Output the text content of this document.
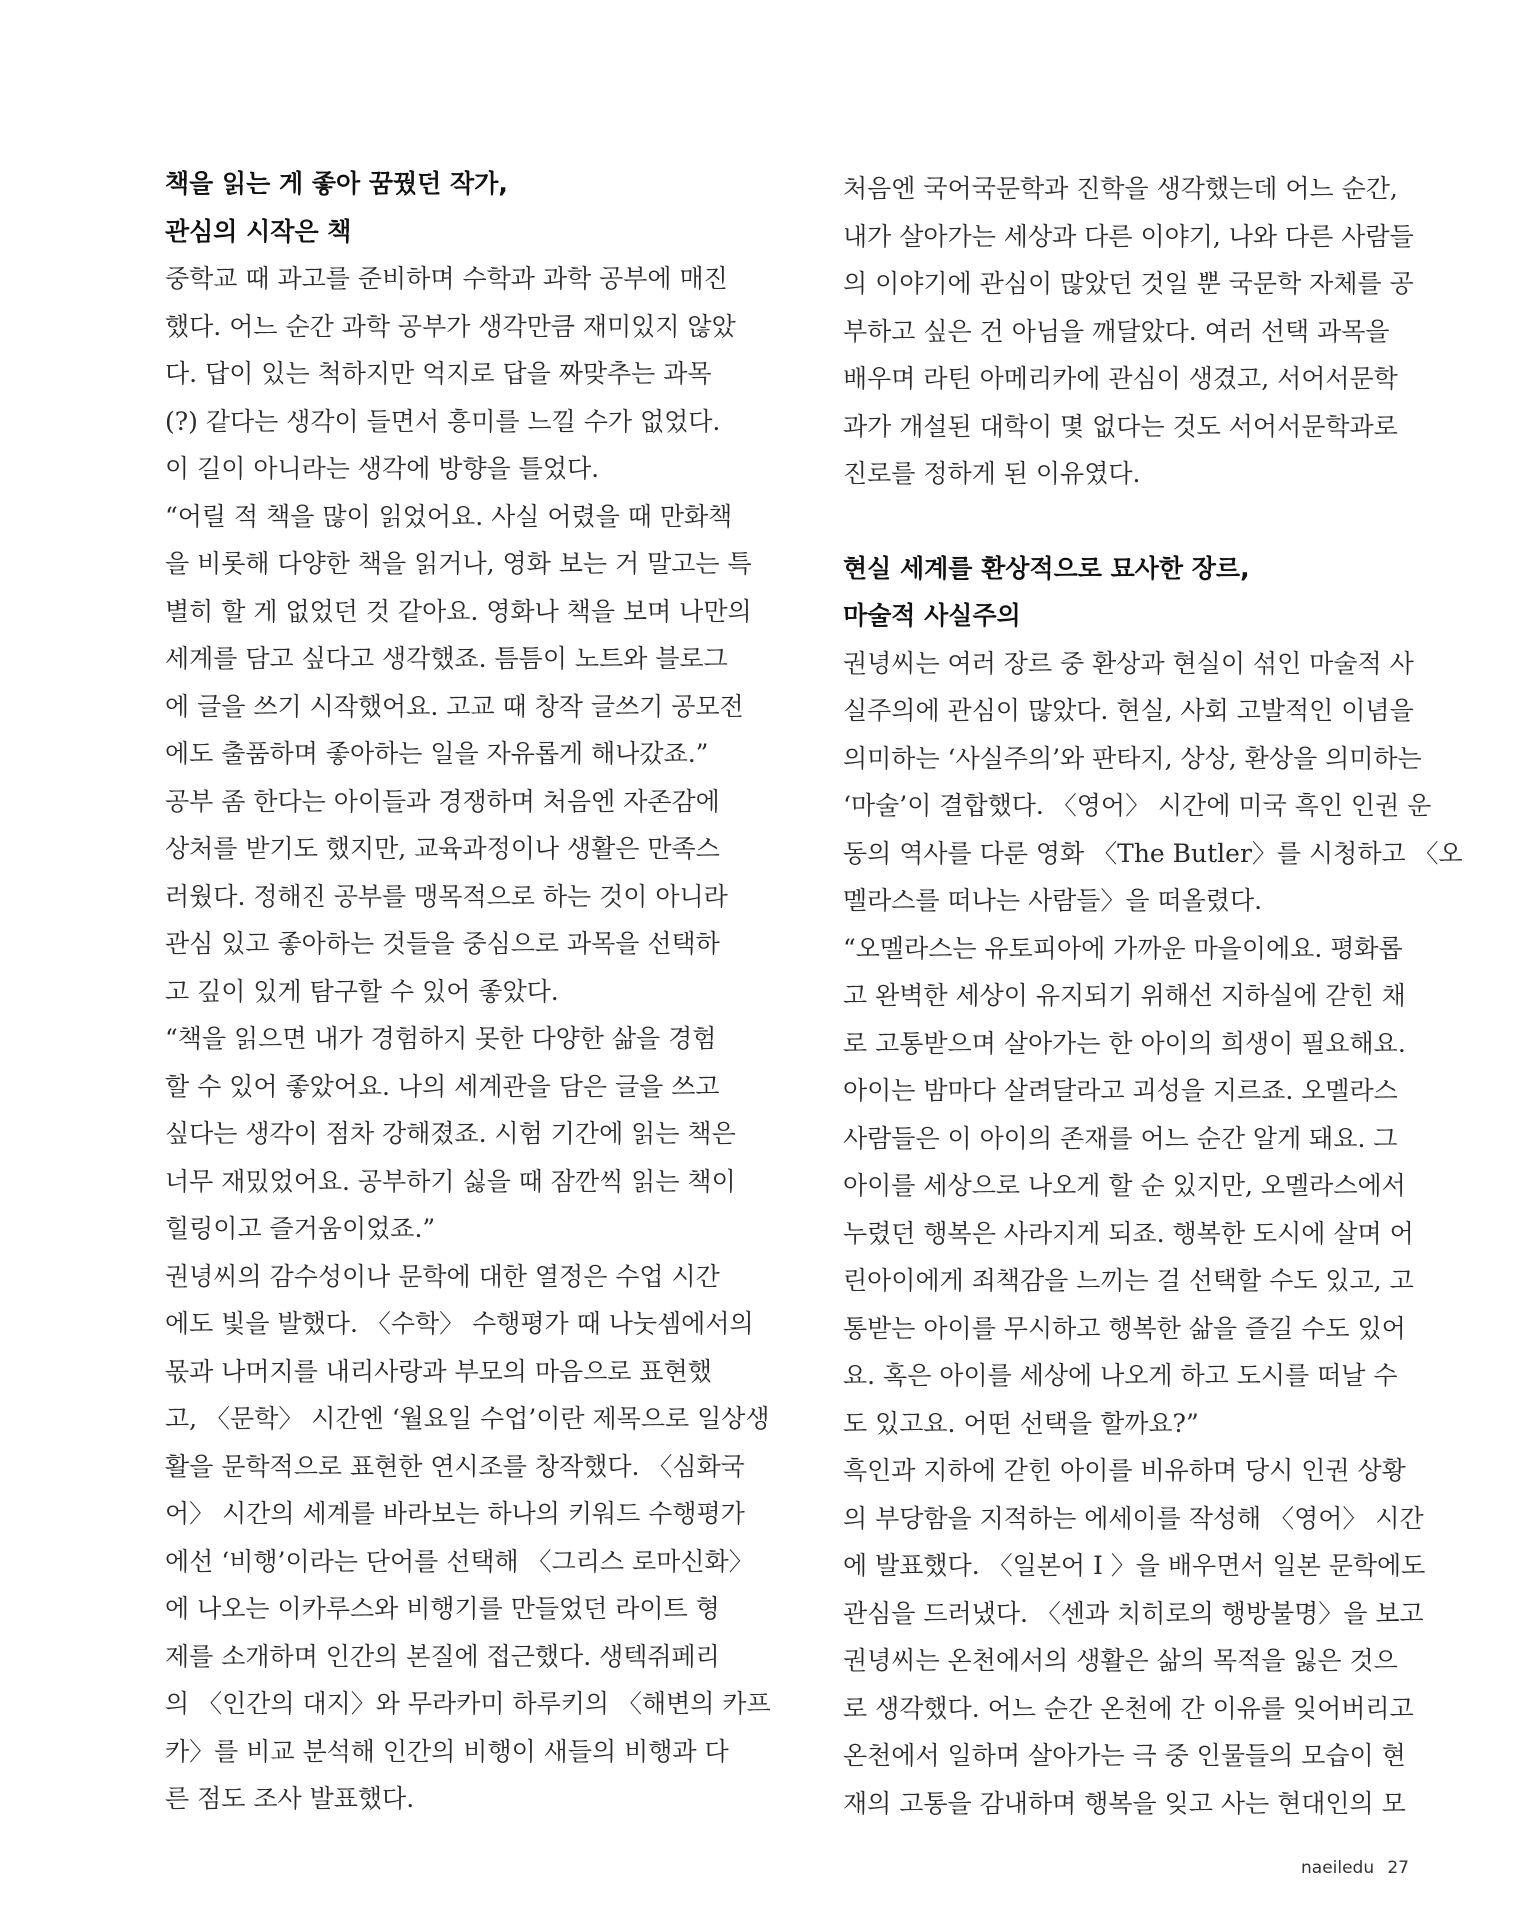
책을 읽는 게 좋아 꿈꿨던 작가,
관심의 시작은 책
중학교 때 과고를 준비하며 수학과 과학 공부에 매진
했다. 어느 순간 과학 공부가 생각만큼 재미있지 않았
다. 답이 있는 척하지만 억지로 답을 짜맞추는 과목
(?) 같다는 생각이 들면서 흥미를 느낄 수가 없었다.
이 길이 아니라는 생각에 방향을 틀었다.
“어릴 적 책을 많이 읽었어요. 사실 어렸을 때 만화책
을 비롯해 다양한 책을 읽거나, 영화 보는 거 말고는 특
별히 할 게 없었던 것 같아요. 영화나 책을 보며 나만의
세계를 담고 싶다고 생각했죠. 틈틈이 노트와 블로그
에 글을 쓰기 시작했어요. 고교 때 창작 글쓰기 공모전
에도 출품하며 좋아하는 일을 자유롭게 해나갔죠.”
공부 좀 한다는 아이들과 경쟁하며 처음엔 자존감에
상처를 받기도 했지만, 교육과정이나 생활은 만족스
러웠다. 정해진 공부를 맹목적으로 하는 것이 아니라
관심 있고 좋아하는 것들을 중심으로 과목을 선택하
고 깊이 있게 탐구할 수 있어 좋았다.
“책을 읽으면 내가 경험하지 못한 다양한 삶을 경험
할 수 있어 좋았어요. 나의 세계관을 담은 글을 쓰고
싶다는 생각이 점차 강해졌죠. 시험 기간에 읽는 책은
너무 재밌었어요. 공부하기 싫을 때 잠깐씩 읽는 책이
힐링이고 즐거움이었죠.”
권녕씨의 감수성이나 문학에 대한 열정은 수업 시간
에도 빛을 발했다. 〈수학〉 수행평가 때 나눗셈에서의
몫과 나머지를 내리사랑과 부모의 마음으로 표현했
고, 〈문학〉 시간엔 ‘월요일 수업’이란 제목으로 일상생
활을 문학적으로 표현한 연시조를 창작했다. 〈심화국
어〉 시간의 세계를 바라보는 하나의 키워드 수행평가
에선 ‘비행’이라는 단어를 선택해 〈그리스 로마신화〉
에 나오는 이카루스와 비행기를 만들었던 라이트 형
제를 소개하며 인간의 본질에 접근했다. 생텍쥐페리
의 〈인간의 대지〉와 무라카미 하루키의 〈해변의 카프
카〉를 비교 분석해 인간의 비행이 새들의 비행과 다
른 점도 조사 발표했다.
처음엔 국어국문학과 진학을 생각했는데 어느 순간,
내가 살아가는 세상과 다른 이야기, 나와 다른 사람들
의 이야기에 관심이 많았던 것일 뿐 국문학 자체를 공
부하고 싶은 건 아님을 깨달았다. 여러 선택 과목을
배우며 라틴 아메리카에 관심이 생겼고, 서어서문학
과가 개설된 대학이 몇 없다는 것도 서어서문학과로
진로를 정하게 된 이유였다.
현실 세계를 환상적으로 묘사한 장르,
마술적 사실주의
권녕씨는 여러 장르 중 환상과 현실이 섞인 마술적 사
실주의에 관심이 많았다. 현실, 사회 고발적인 이념을
의미하는 ‘사실주의’와 판타지, 상상, 환상을 의미하는
‘마술’이 결합했다. 〈영어〉 시간에 미국 흑인 인권 운
동의 역사를 다룬 영화 〈The Butler〉를 시청하고 〈오
멜라스를 떠나는 사람들〉을 떠올렸다.
“오멜라스는 유토피아에 가까운 마을이에요. 평화롭
고 완벽한 세상이 유지되기 위해선 지하실에 갇힌 채
로 고통받으며 살아가는 한 아이의 희생이 필요해요.
아이는 밤마다 살려달라고 괴성을 지르죠. 오멜라스
사람들은 이 아이의 존재를 어느 순간 알게 돼요. 그
아이를 세상으로 나오게 할 순 있지만, 오멜라스에서
누렸던 행복은 사라지게 되죠. 행복한 도시에 살며 어
린아이에게 죄책감을 느끼는 걸 선택할 수도 있고, 고
통받는 아이를 무시하고 행복한 삶을 즐길 수도 있어
요. 혹은 아이를 세상에 나오게 하고 도시를 떠날 수
도 있고요. 어떤 선택을 할까요?”
흑인과 지하에 갇힌 아이를 비유하며 당시 인권 상황
의 부당함을 지적하는 에세이를 작성해 〈영어〉 시간
에 발표했다. 〈일본어 I 〉을 배우면서 일본 문학에도
관심을 드러냈다. 〈센과 치히로의 행방불명〉을 보고
권녕씨는 온천에서의 생활은 삶의 목적을 잃은 것으
로 생각했다. 어느 순간 온천에 간 이유를 잊어버리고
온천에서 일하며 살아가는 극 중 인물들의 모습이 현
재의 고통을 감내하며 행복을 잊고 사는 현대인의 모
naeiledu 27
